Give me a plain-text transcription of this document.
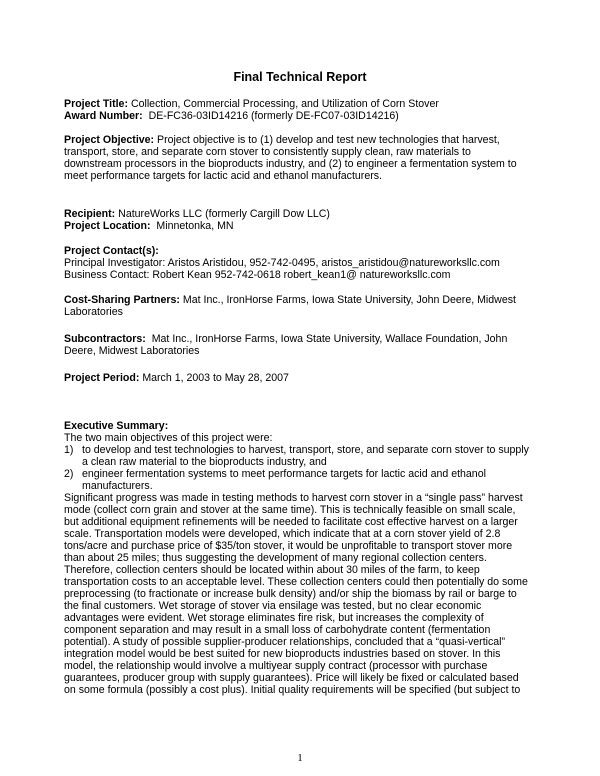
Final Technical Report
Project Title: Collection, Commercial Processing, and Utilization of Corn Stover
Award Number: DE-FC36-03ID14216 (formerly DE-FC07-03ID14216)
Project Objective: Project objective is to (1) develop and test new technologies that harvest,
transport, store, and separate corn stover to consistently supply clean, raw materials to
downstream processors in the bioproducts industry, and (2) to engineer a fermentation system to
meet performance targets for lactic acid and ethanol manufacturers.
Recipient: NatureWorks LLC (formerly Cargill Dow LLC)
Project Location: Minnetonka, MN
Project Contact(s):
Principal Investigator: Aristos Aristidou, 952-742-0495, aristos_aristidou@natureworksllc.com
Business Contact: Robert Kean 952-742-0618 robert_kean1@ natureworksllc.com
Cost-Sharing Partners: Mat Inc., IronHorse Farms, Iowa State University, John Deere, Midwest
Laboratories
Subcontractors: Mat Inc., IronHorse Farms, Iowa State University, Wallace Foundation, John
Deere, Midwest Laboratories
Project Period: March 1, 2003 to May 28, 2007
Executive Summary:
The two main objectives of this project were:
1) to develop and test technologies to harvest, transport, store, and separate corn stover to supply
a clean raw material to the bioproducts industry, and
2) engineer fermentation systems to meet performance targets for lactic acid and ethanol
manufacturers.
Significant progress was made in testing methods to harvest corn stover in a “single pass” harvest
mode (collect corn grain and stover at the same time). This is technically feasible on small scale,
but additional equipment refinements will be needed to facilitate cost effective harvest on a larger
scale. Transportation models were developed, which indicate that at a corn stover yield of 2.8
tons/acre and purchase price of $35/ton stover, it would be unprofitable to transport stover more
than about 25 miles; thus suggesting the development of many regional collection centers.
Therefore, collection centers should be located within about 30 miles of the farm, to keep
transportation costs to an acceptable level. These collection centers could then potentially do some
preprocessing (to fractionate or increase bulk density) and/or ship the biomass by rail or barge to
the final customers. Wet storage of stover via ensilage was tested, but no clear economic
advantages were evident. Wet storage eliminates fire risk, but increases the complexity of
component separation and may result in a small loss of carbohydrate content (fermentation
potential). A study of possible supplier-producer relationships, concluded that a “quasi-vertical”
integration model would be best suited for new bioproducts industries based on stover. In this
model, the relationship would involve a multiyear supply contract (processor with purchase
guarantees, producer group with supply guarantees). Price will likely be fixed or calculated based
on some formula (possibly a cost plus). Initial quality requirements will be specified (but subject to
1
